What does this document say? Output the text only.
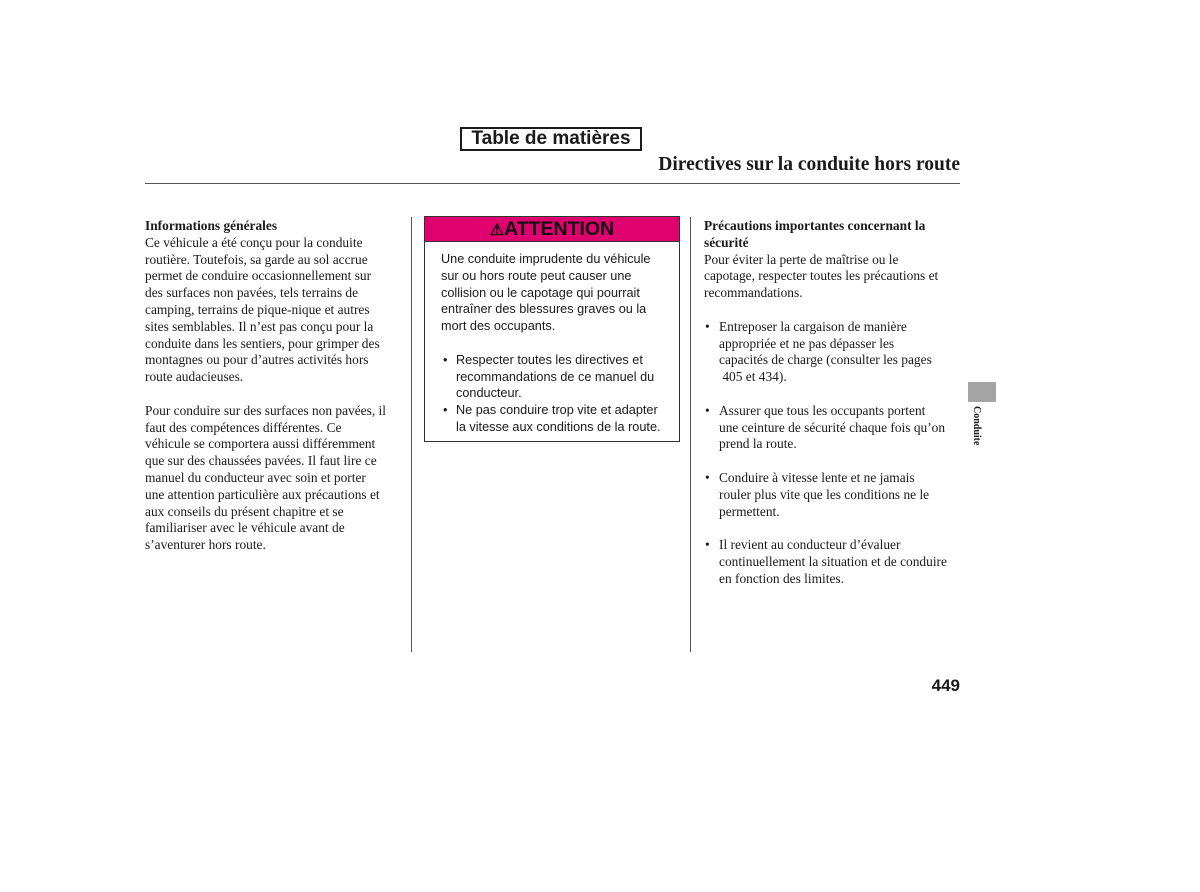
Table de matières
Directives sur la conduite hors route

Informations générales

Ce véhicule a été conçu pour la conduite

routière. Toutefois, sa garde au sol accrue

permet de conduire occasionnellement sur

des surfaces non pavées, tels terrains de

camping, terrains de pique-nique et autres

sites semblables. Il n’est pas conçu pour la

conduite dans les sentiers, pour grimper des

montagnes ou pour d’autres activités hors

route audacieuses.

Pour conduire sur des surfaces non pavées, il

faut des compétences différentes. Ce

véhicule se comportera aussi différemment

que sur des chaussées pavées. Il faut lire ce

manuel du conducteur avec soin et porter

une attention particulière aux précautions et

aux conseils du présent chapitre et se

familiariser avec le véhicule avant de

s’aventurer hors route.

⚠ATTENTION

Une conduite imprudente du véhicule

sur ou hors route peut causer une

collision ou le capotage qui pourrait

entraîner des blessures graves ou la

mort des occupants.

• Respecter toutes les directives et

recommandations de ce manuel du

conducteur.

• Ne pas conduire trop vite et adapter

la vitesse aux conditions de la route.

Précautions importantes concernant la

sécurité

Pour éviter la perte de maîtrise ou le

capotage, respecter toutes les précautions et

recommandations.

• Entreposer la cargaison de manière

appropriée et ne pas dépasser les

capacités de charge (consulter les pages

405 et 434).

• Assurer que tous les occupants portent

une ceinture de sécurité chaque fois qu’on

prend la route.

• Conduire à vitesse lente et ne jamais

rouler plus vite que les conditions ne le

permettent.

• Il revient au conducteur d’évaluer

continuellement la situation et de conduire

en fonction des limites.

Conduite
449
